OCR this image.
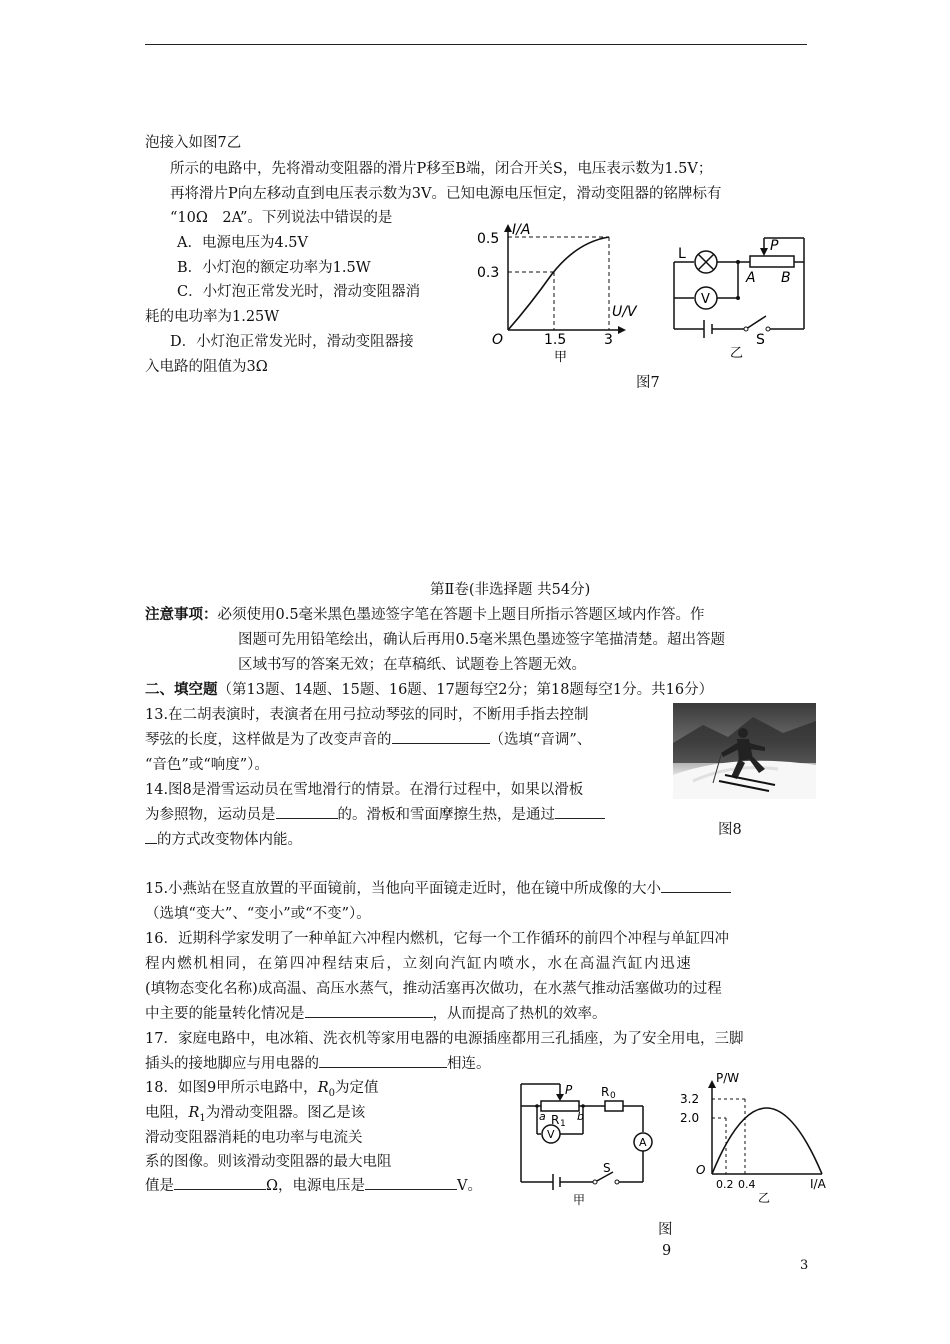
泡接入如图7乙
所示的电路中，先将滑动变阻器的滑片P移至B端，闭合开关S，电压表示数为1.5V；
再将滑片P向左移动直到电压表示数为3V。已知电源电压恒定，滑动变阻器的铭牌标有
“10Ω　2A”。下列说法中错误的是
A．电源电压为4.5V
B．小灯泡的额定功率为1.5W
C．小灯泡正常发光时，滑动变阻器消
耗的电功率为1.25W
D．小灯泡正常发光时，滑动变阻器接
入电路的阻值为3Ω
I/A
U/V
0.5
0.3
O	1.5	3
甲
L	P
A B
V
S
乙
图7
第Ⅱ卷(非选择题 共54分)
注意事项：必须使用0.5毫米黑色墨迹签字笔在答题卡上题目所指示答题区域内作答。作
图题可先用铅笔绘出，确认后再用0.5毫米黑色墨迹签字笔描清楚。超出答题
区域书写的答案无效；在草稿纸、试题卷上答题无效。
二、填空题（第13题、14题、15题、16题、17题每空2分；第18题每空1分。共16分）
13.在二胡表演时，表演者在用弓拉动琴弦的同时，不断用手指去控制
琴弦的长度，这样做是为了改变声音的	（选填“音调”、
“音色”或“响度”）。
14.图8是滑雪运动员在雪地滑行的情景。在滑行过程中，如果以滑板
为参照物，运动员是	的。滑板和雪面摩擦生热，是通过
的方式改变物体内能。
图8
15.小燕站在竖直放置的平面镜前，当他向平面镜走近时，他在镜中所成像的大小
（选填“变大”、“变小”或“不变”）。
16．近期科学家发明了一种单缸六冲程内燃机，它每一个工作循环的前四个冲程与单缸四冲
程内燃机相同，在第四冲程结束后，立刻向汽缸内喷水，水在高温汽缸内迅速
(填物态变化名称)成高温、高压水蒸气，推动活塞再次做功，在水蒸气推动活塞做功的过程
中主要的能量转化情况是	，从而提高了热机的效率。
17．家庭电路中，电冰箱、洗衣机等家用电器的电源插座都用三孔插座，为了安全用电，三脚
插头的接地脚应与用电器的	相连。
18．如图9甲所示电路中，$R_0$为定值
电阻，$R_1$为滑动变阻器。图乙是该
滑动变阻器消耗的电功率与电流关
系的图像。则该滑动变阻器的最大电阻
值是	Ω，电源电压是	V。
P R 0
a	b
R 1
V
A
S
甲
P/W
I/A
3.2
2.0
O
0.2 0.4
乙
图
9
3
